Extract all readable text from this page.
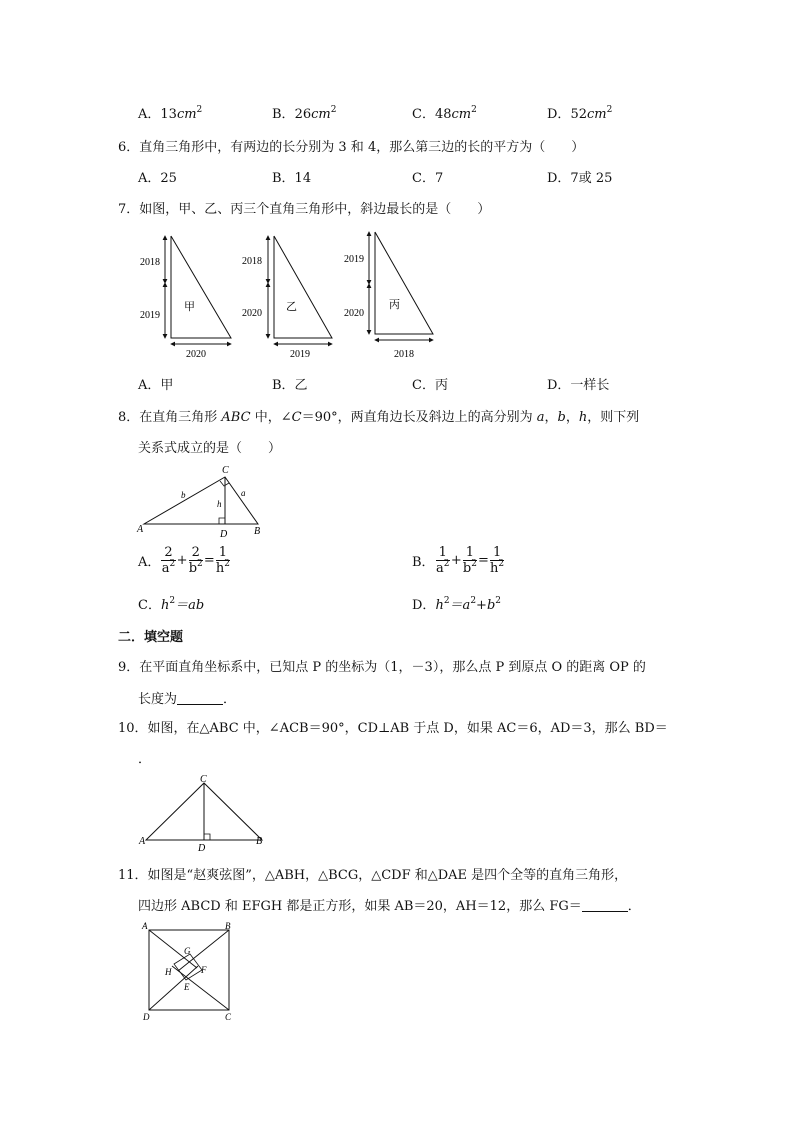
A．$13cm^2$	B．$26cm^2$	C．$48cm^2$	D．$52cm^2$
6．直角三角形中，有两边的长分别为 3 和 4，那么第三边的长的平方为（　　）
A．25	B．14	C．7	D．7或 25
7．如图，甲、乙、丙三个直角三角形中，斜边最长的是（　　）
2018
2019
2020
甲
2018
2020
2019
乙
2019
2020
2018
丙
A．甲	B．乙	C．丙	D．一样长
8．在直角三角形 ABC 中，∠C＝90°，两直角边长及斜边上的高分别为 a，b，h，则下列
关系式成立的是（　　）
C
A	B
D
b	a
h
A． $\frac{2}{a^2} + \frac{2}{b^2} = \frac{1}{h^2}$	B． $\frac{1}{a^2} + \frac{1}{b^2} = \frac{1}{h^2}$
C．$h^2=ab$	D．$h^2=a^2+b^2$
二．填空题
9．在平面直角坐标系中，已知点 P 的坐标为（1，－3），那么点 P 到原点 O 的距离 OP 的
长度为	．
10．如图，在△ABC 中，∠ACB＝90°，CD⊥AB 于点 D，如果 AC＝6，AD＝3，那么 BD＝
．
C
A	B
D
11．如图是“赵爽弦图”，△ABH，△BCG，△CDF 和△DAE 是四个全等的直角三角形，
四边形 ABCD 和 EFGH 都是正方形，如果 AB＝20，AH＝12，那么 FG＝	．
A	B
C
D
E
F
G
H
